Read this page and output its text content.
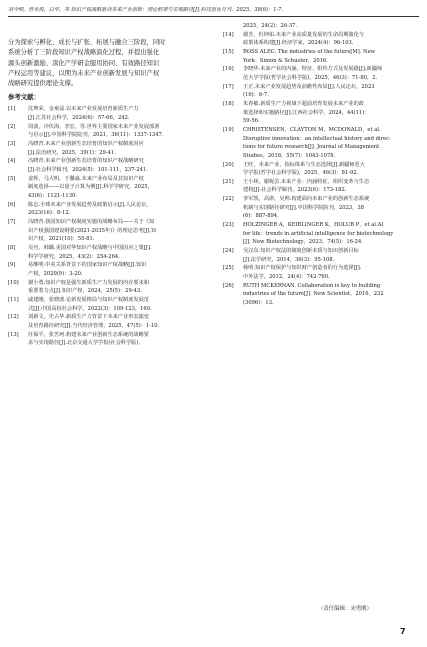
刘今明，曾单俊，白华，等.知识产权战略驱动未来产业创新：理论框架与实现路径[J].科技创业月刊，2025，38(6)：1-7.
分为探索与孵化、成长与扩张、拓展与融合三阶段，同时
系统分析了三阶段知识产权战略演化过程，并提出强化
源头创新激励、深化产学研金服用协同、有效路径知识
产权运用等建议，以期为未来产业创新发展与知识产权
战略研究提供理论支撑。
参考文献：
[1]	沈坤荣，金童谣.以未来产业发展培育新质生产力
[J].江苏社会科学，2024(6)：57-66，242.
[2]	周波，冷伏海，李宏，等.世界主要国家未来产业发展部署
与启示[J].中国科学院院刊，2021，36(11)：1337-1347.
[3]	冯晓青.未来产业创新生态培育的知识产权制度因应
[J].法治研究，2025，39(1)：29-41.
[4]	冯晓青.未来产业创新生态培育的知识产权战略研究
[J].社会科学辑刊，2024(5)：101-111，237-241.
[5]	姜辉，马大明，于馨淼.未来产业布局及其知识产权
制度选择——以量子计算为例[J].科学学研究，2025，
43(6)：1121-1130.
[6]	陈志.全球未来产业发展趋势及政策启示[J].人民论坛，
2023(16)：8-12.
[7]	冯晓青.我国知识产权制度实施的战略布局——关于《知
识产权强国建设纲要(2021-2035年)》的理论思考[J].知
识产权，2021(10)：55-81.
[8]	吴舟，韩璐.美国对华知识产权战略与中国因应之策[J].
科学学研究，2025，43(2)：254-264.
[9]	易继明.中美关系背景下的国家知识产权战略[J].知识
产权，2020(9)：3-20.
[10]	谢小勇.知识产权是强生新质生产力发展的内在要求和
重要着力点[J].知识产权，2024，25(5)：29-43.
[11]	戚建刚，张晓波.论新发展格局与知识产权制度发展范
式[J].中国高校社会科学，2022(3)：109-123，160.
[12]	刘新文，史占华.新质生产力背景下未来产业形态演变
及培育路径研究[J].当代经济管理，2025，47(5)：1-10.
[13]	任保平，张苦珂.构建未来产业创新生态系统的战略要
求与实现路径[J].北京交通大学学报(社会科学版)，
2025，24(2)：26-37.
[14]	谢芳，杜坤佑.未来产业高质量发展的生命周期演化与
政策体系构建[J].经济学家，2024(4)：96-103.
[15]	ROSS ALEC. The industries of the future[M]. New
York：Simon & Schuster，2016.
[16]	李晓华.未来产业的内涵、特征、组织方式及发展路[J].新疆师
范大学学报(哲学社会科学版)，2025，46(3)：71-80，2.
[17]	王正.未来产业发展趋势及前瞻性布局[J].人民论坛，2023
(16)：6-7.
[18]	朱春敏.新质生产力视域下超前培育发展未来产业的政
策选择和实施路径[J].江西社会科学，2024，44(11)：
59-56.
[19]	CHRISTENSEN，CLAYTON M，MCDONALD，et al.
Disruptive innovation：an intellectual history and direc-
tions for future research[J]. Journal of Management
Studies，2018，55(7)：1043-1078.
[20]	王旺，未来产业，指标体系与生态选择[J].新疆师范大
学学报(哲学社会科学版)，2025，46(3)：81-92.
[21]	王小林，谢妮芸.未来产业：内涵特征、组织变革与生态
建构[J].社会科学辑刊，2023(6)：173-182.
[22]	李军凯，高席，吴帅.构建面向未来产业的创新生态系统
机制与实现路径研究[J].中国科学院院刊，2023，38
(6)：887-894.
[23]	HOLZINGER A，KEIBLINGER K，HOLUB P，et al.AI
for life：trends in artificial intelligence for biotechnology
[J]. New Biotechnology，2023，74(5)：16-24.
[24]	吴汉东.知识产权法的制度创新本质与知识创新目标
[J].法学研究，2014，36(3)：95-108.
[25]	杨明.知识产权保护与知识财产创造者的行为选择[J].
中外法学，2012，24(4)：742-760.
[26]	RUTH MCKERNAN. Collaboration is key to building
industries of the future[J]. New Scientist，2016，232
(3096)：13.
（责任编辑：宋勇刚）
7
